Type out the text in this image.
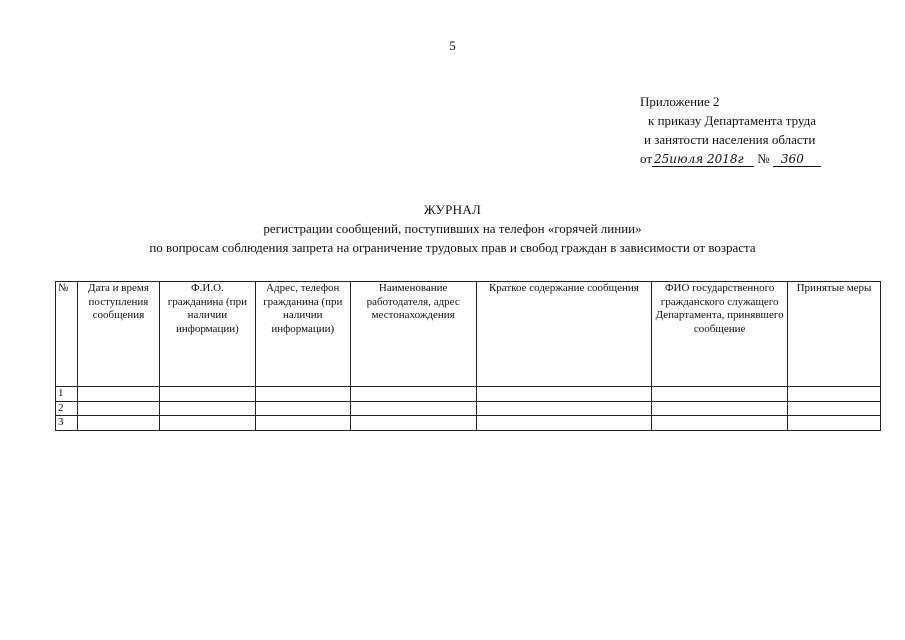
5
Приложение 2
к приказу Департамента труда
и занятости населения области
от 25июля 2018г № 360
ЖУРНАЛ
регистрации сообщений, поступивших на телефон «горячей линии»
по вопросам соблюдения запрета на ограничение трудовых прав и свобод граждан в зависимости от возраста
№	Дата и время поступления сообщения	Ф.И.О. гражданина (при наличии информации)	Адрес, телефон гражданина (при наличии информации)	Наименование работодателя, адрес местонахождения	Краткое содержание сообщения	ФИО государственного гражданского служащего Департамента, принявшего сообщение	Принятые меры
1							
2							
3							
